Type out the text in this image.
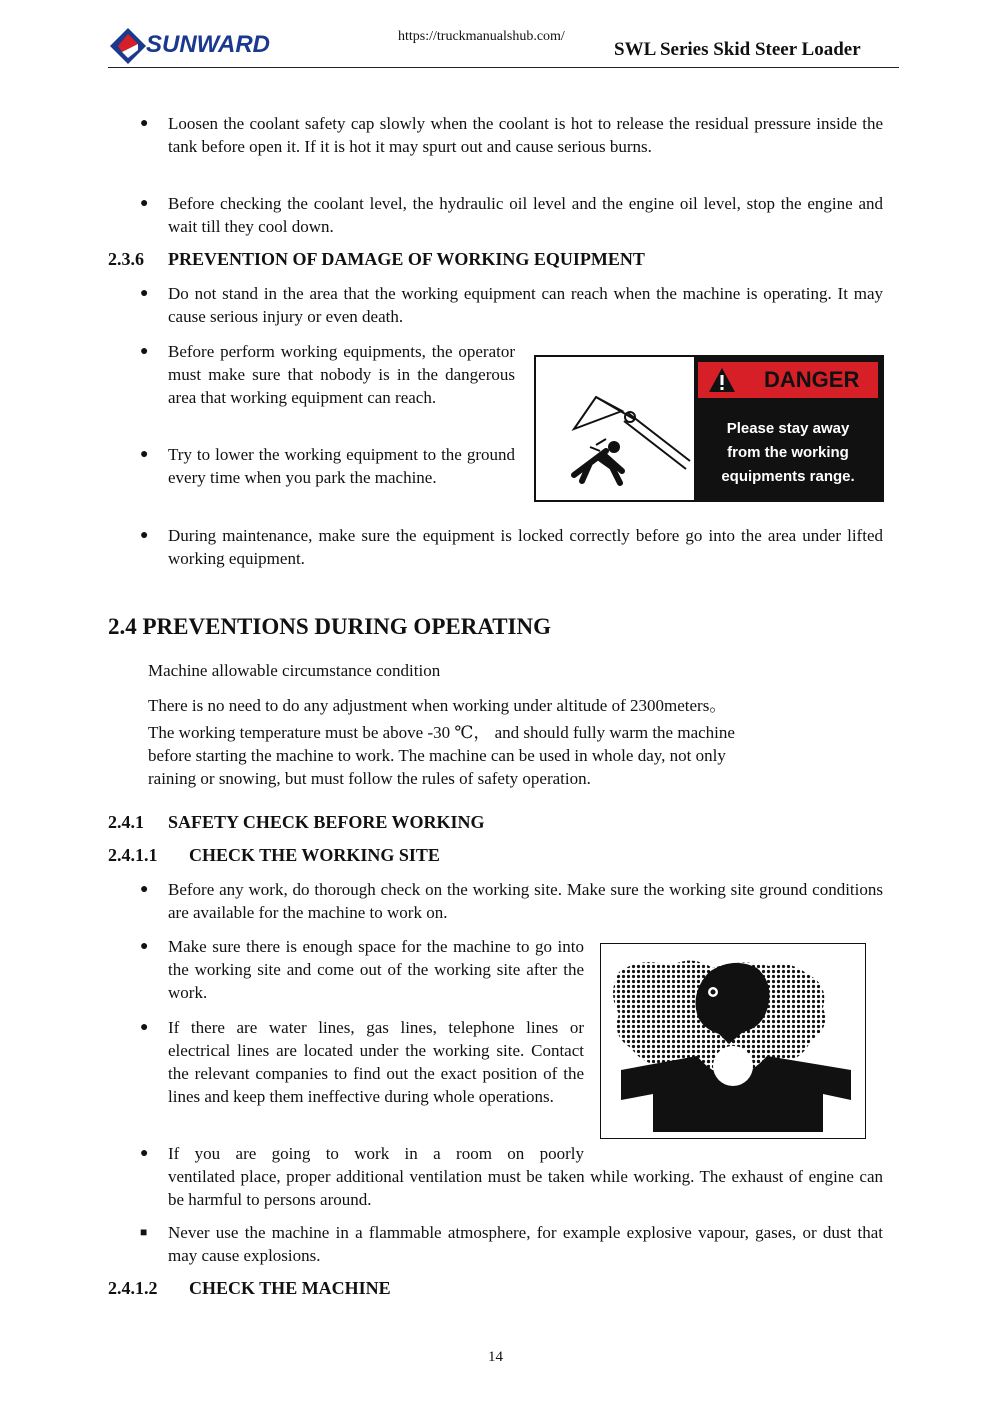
SUNWARD	https://truckmanualshub.com/
SWL Series Skid Steer Loader
● Loosen the coolant safety cap slowly when the coolant is hot to release the residual pressure inside the tank before open it. If it is hot it may spurt out and cause serious burns.
● Before checking the coolant level, the hydraulic oil level and the engine oil level, stop the engine and wait till they cool down.
2.3.6 PREVENTION OF DAMAGE OF WORKING EQUIPMENT
● Do not stand in the area that the working equipment can reach when the machine is operating. It may cause serious injury or even death.
● Before perform working equipments, the operator must make sure that nobody is in the dangerous area that working equipment can reach.
● Try to lower the working equipment to the ground every time when you park the machine.
DANGER
Please stay away
from the working
equipments range.
● During maintenance, make sure the equipment is locked correctly before go into the area under lifted working equipment.
2.4 PREVENTIONS DURING OPERATING
Machine allowable circumstance condition
There is no need to do any adjustment when working under altitude of 2300meters。
The working temperature must be above -30 ℃， and should fully warm the machine
before starting the machine to work. The machine can be used in whole day, not only
raining or snowing, but must follow the rules of safety operation.
2.4.1 SAFETY CHECK BEFORE WORKING
2.4.1.1 CHECK THE WORKING SITE
● Before any work, do thorough check on the working site. Make sure the working site ground conditions are available for the machine to work on.
● Make sure there is enough space for the machine to go into the working site and come out of the working site after the work.
● If there are water lines, gas lines, telephone lines or electrical lines are located under the working site. Contact the relevant companies to find out the exact position of the lines and keep them ineffective during whole operations.
● If you are going to work in a room on poorly
ventilated place, proper additional ventilation must be taken while working. The exhaust of engine can be harmful to persons around.
■ Never use the machine in a flammable atmosphere, for example explosive vapour, gases, or dust that may cause explosions.
2.4.1.2 CHECK THE MACHINE
14
